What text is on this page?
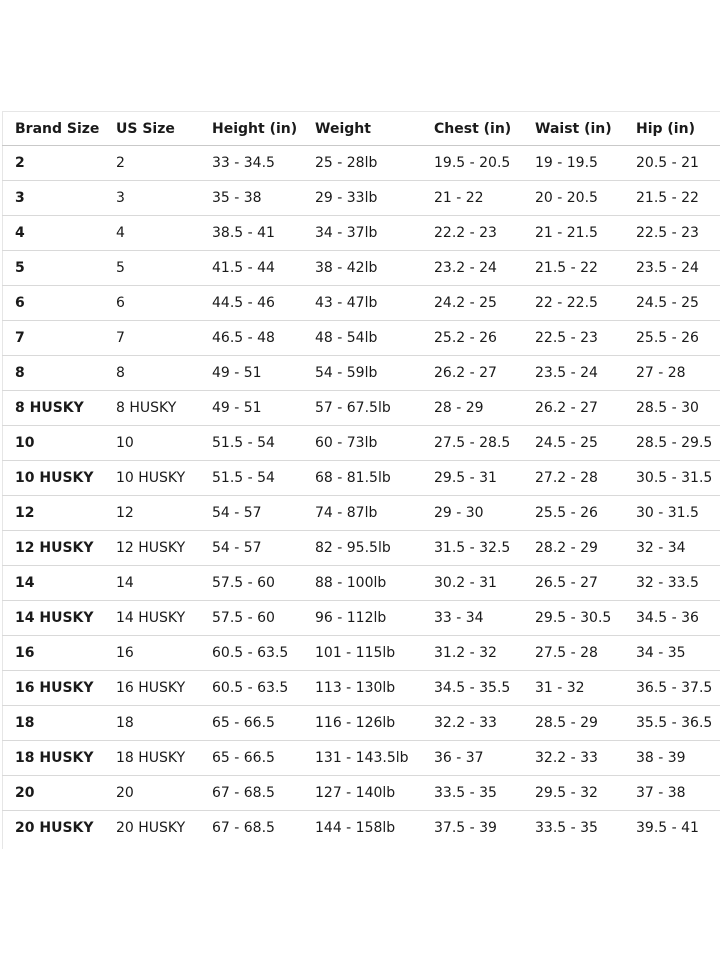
Brand Size	US Size	Height (in)	Weight	Chest (in)	Waist (in)	Hip (in)
2	2	33 - 34.5	25 - 28lb	19.5 - 20.5	19 - 19.5	20.5 - 21
3	3	35 - 38	29 - 33lb	21 - 22	20 - 20.5	21.5 - 22
4	4	38.5 - 41	34 - 37lb	22.2 - 23	21 - 21.5	22.5 - 23
5	5	41.5 - 44	38 - 42lb	23.2 - 24	21.5 - 22	23.5 - 24
6	6	44.5 - 46	43 - 47lb	24.2 - 25	22 - 22.5	24.5 - 25
7	7	46.5 - 48	48 - 54lb	25.2 - 26	22.5 - 23	25.5 - 26
8	8	49 - 51	54 - 59lb	26.2 - 27	23.5 - 24	27 - 28
8 HUSKY	8 HUSKY	49 - 51	57 - 67.5lb	28 - 29	26.2 - 27	28.5 - 30
10	10	51.5 - 54	60 - 73lb	27.5 - 28.5	24.5 - 25	28.5 - 29.5
10 HUSKY	10 HUSKY	51.5 - 54	68 - 81.5lb	29.5 - 31	27.2 - 28	30.5 - 31.5
12	12	54 - 57	74 - 87lb	29 - 30	25.5 - 26	30 - 31.5
12 HUSKY	12 HUSKY	54 - 57	82 - 95.5lb	31.5 - 32.5	28.2 - 29	32 - 34
14	14	57.5 - 60	88 - 100lb	30.2 - 31	26.5 - 27	32 - 33.5
14 HUSKY	14 HUSKY	57.5 - 60	96 - 112lb	33 - 34	29.5 - 30.5	34.5 - 36
16	16	60.5 - 63.5	101 - 115lb	31.2 - 32	27.5 - 28	34 - 35
16 HUSKY	16 HUSKY	60.5 - 63.5	113 - 130lb	34.5 - 35.5	31 - 32	36.5 - 37.5
18	18	65 - 66.5	116 - 126lb	32.2 - 33	28.5 - 29	35.5 - 36.5
18 HUSKY	18 HUSKY	65 - 66.5	131 - 143.5lb	36 - 37	32.2 - 33	38 - 39
20	20	67 - 68.5	127 - 140lb	33.5 - 35	29.5 - 32	37 - 38
20 HUSKY	20 HUSKY	67 - 68.5	144 - 158lb	37.5 - 39	33.5 - 35	39.5 - 41
